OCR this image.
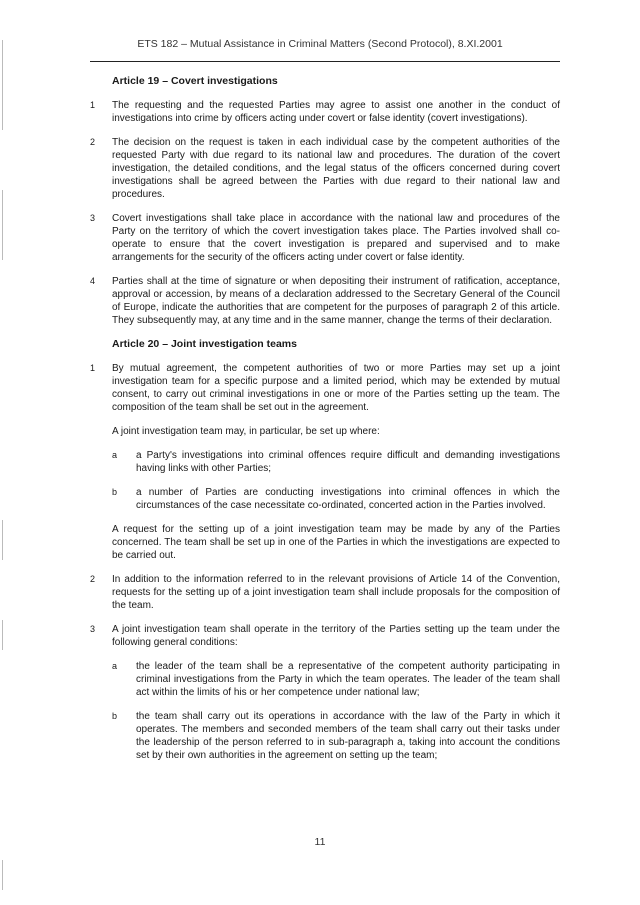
ETS 182 – Mutual Assistance in Criminal Matters (Second Protocol), 8.XI.2001
Article 19 – Covert investigations
1 The requesting and the requested Parties may agree to assist one another in the conduct of investigations into crime by officers acting under covert or false identity (covert investigations).
2 The decision on the request is taken in each individual case by the competent authorities of the requested Party with due regard to its national law and procedures. The duration of the covert investigation, the detailed conditions, and the legal status of the officers concerned during covert investigations shall be agreed between the Parties with due regard to their national law and procedures.
3 Covert investigations shall take place in accordance with the national law and procedures of the Party on the territory of which the covert investigation takes place. The Parties involved shall co-operate to ensure that the covert investigation is prepared and supervised and to make arrangements for the security of the officers acting under covert or false identity.
4 Parties shall at the time of signature or when depositing their instrument of ratification, acceptance, approval or accession, by means of a declaration addressed to the Secretary General of the Council of Europe, indicate the authorities that are competent for the purposes of paragraph 2 of this article. They subsequently may, at any time and in the same manner, change the terms of their declaration.
Article 20 – Joint investigation teams
1 By mutual agreement, the competent authorities of two or more Parties may set up a joint investigation team for a specific purpose and a limited period, which may be extended by mutual consent, to carry out criminal investigations in one or more of the Parties setting up the team. The composition of the team shall be set out in the agreement.
A joint investigation team may, in particular, be set up where:
a a Party's investigations into criminal offences require difficult and demanding investigations having links with other Parties;
b a number of Parties are conducting investigations into criminal offences in which the circumstances of the case necessitate co-ordinated, concerted action in the Parties involved.
A request for the setting up of a joint investigation team may be made by any of the Parties concerned. The team shall be set up in one of the Parties in which the investigations are expected to be carried out.
2 In addition to the information referred to in the relevant provisions of Article 14 of the Convention, requests for the setting up of a joint investigation team shall include proposals for the composition of the team.
3 A joint investigation team shall operate in the territory of the Parties setting up the team under the following general conditions:
a the leader of the team shall be a representative of the competent authority participating in criminal investigations from the Party in which the team operates. The leader of the team shall act within the limits of his or her competence under national law;
b the team shall carry out its operations in accordance with the law of the Party in which it operates. The members and seconded members of the team shall carry out their tasks under the leadership of the person referred to in sub-paragraph a, taking into account the conditions set by their own authorities in the agreement on setting up the team;
11
